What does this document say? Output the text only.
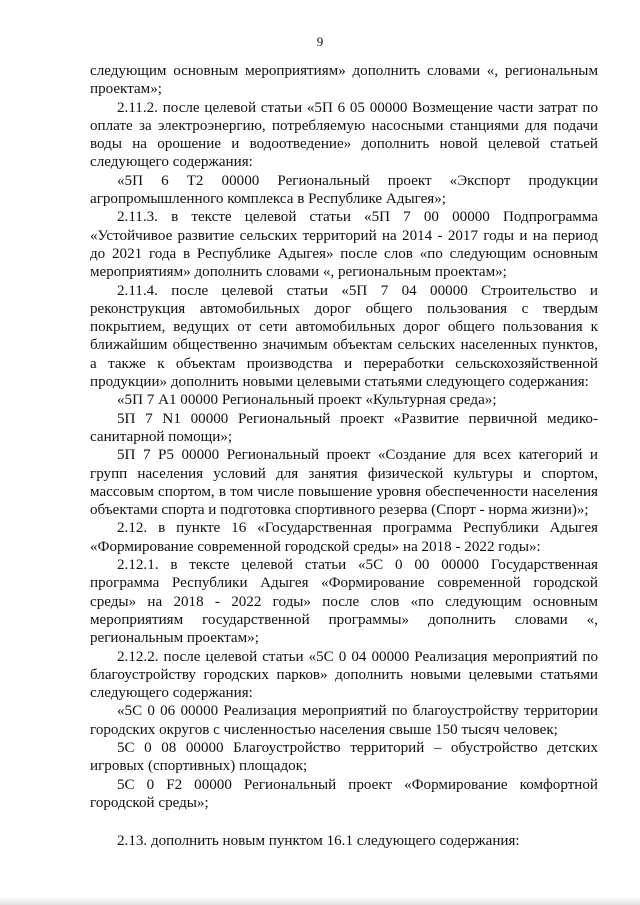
9

следующим основным мероприятиям» дополнить словами «, региональным проектам»;

2.11.2. после целевой статьи «5П 6 05 00000 Возмещение части затрат по оплате за электроэнергию, потребляемую насосными станциями для подачи воды на орошение и водоотведение» дополнить новой целевой статьей следующего содержания:

«5П 6 Т2 00000 Региональный проект «Экспорт продукции агропромышленного комплекса в Республике Адыгея»;

2.11.3. в тексте целевой статьи «5П 7 00 00000 Подпрограмма «Устойчивое развитие сельских территорий на 2014 - 2017 годы и на период до 2021 года в Республике Адыгея» после слов «по следующим основным мероприятиям» дополнить словами «, региональным проектам»;

2.11.4. после целевой статьи «5П 7 04 00000 Строительство и реконструкция автомобильных дорог общего пользования с твердым покрытием, ведущих от сети автомобильных дорог общего пользования к ближайшим общественно значимым объектам сельских населенных пунктов, а также к объектам производства и переработки сельскохозяйственной продукции» дополнить новыми целевыми статьями следующего содержания:

«5П 7 А1 00000 Региональный проект «Культурная среда»;

5П 7 N1 00000 Региональный проект «Развитие первичной медико-санитарной помощи»;

5П 7 Р5 00000 Региональный проект «Создание для всех категорий и групп населения условий для занятия физической культуры и спортом, массовым спортом, в том числе повышение уровня обеспеченности населения объектами спорта и подготовка спортивного резерва (Спорт - норма жизни)»;

2.12. в пункте 16 «Государственная программа Республики Адыгея «Формирование современной городской среды» на 2018 - 2022 годы»:

2.12.1. в тексте целевой статьи «5С 0 00 00000 Государственная программа Республики Адыгея «Формирование современной городской среды» на 2018 - 2022 годы» после слов «по следующим основным мероприятиям государственной программы» дополнить словами «, региональным проектам»;

2.12.2. после целевой статьи «5С 0 04 00000 Реализация мероприятий по благоустройству городских парков» дополнить новыми целевыми статьями следующего содержания:

«5С 0 06 00000 Реализация мероприятий по благоустройству территории городских округов с численностью населения свыше 150 тысяч человек;

5С 0 08 00000 Благоустройство территорий – обустройство детских игровых (спортивных) площадок;

5С 0 F2 00000 Региональный проект «Формирование комфортной городской среды»;

2.13. дополнить новым пунктом 16.1 следующего содержания:
